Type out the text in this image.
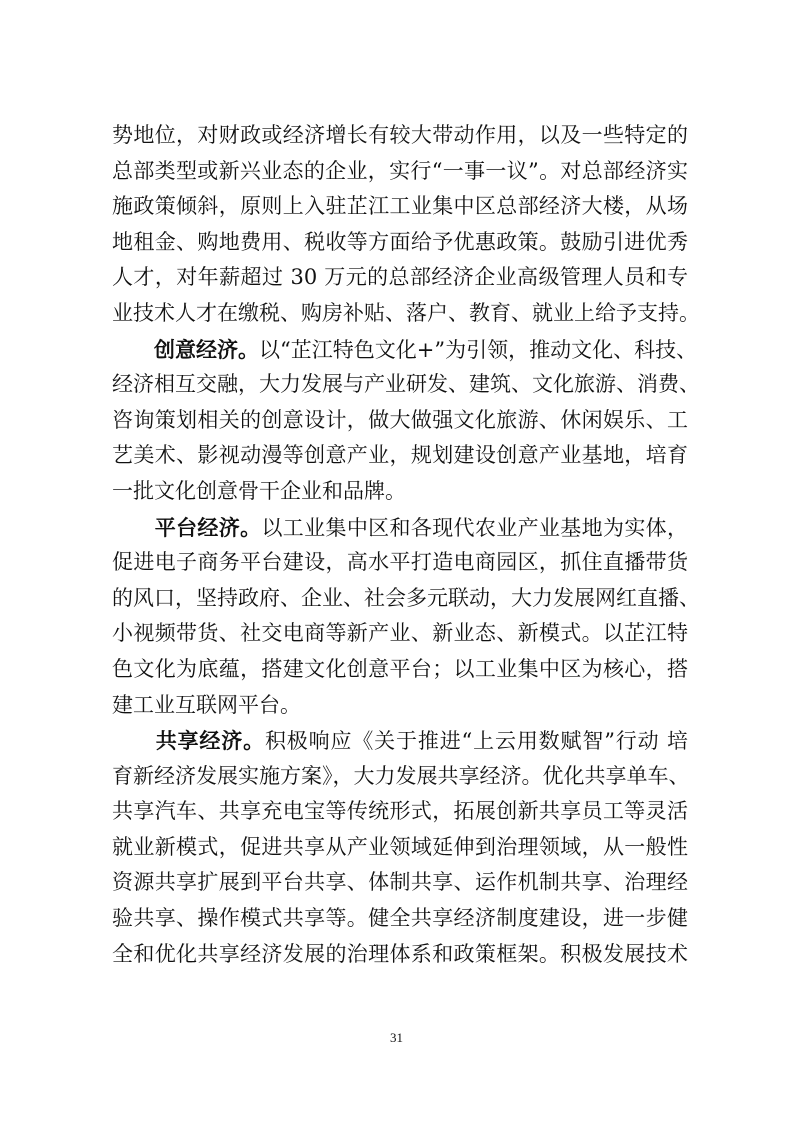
势地位，对财政或经济增长有较大带动作用，以及一些特定的
总部类型或新兴业态的企业，实行“一事一议”。对总部经济实
施政策倾斜，原则上入驻芷江工业集中区总部经济大楼，从场
地租金、购地费用、税收等方面给予优惠政策。鼓励引进优秀
人才，对年薪超过 30 万元的总部经济企业高级管理人员和专
业技术人才在缴税、购房补贴、落户、教育、就业上给予支持。
　　创意经济。以“芷江特色文化+”为引领，推动文化、科技、
经济相互交融，大力发展与产业研发、建筑、文化旅游、消费、
咨询策划相关的创意设计，做大做强文化旅游、休闲娱乐、工
艺美术、影视动漫等创意产业，规划建设创意产业基地，培育
一批文化创意骨干企业和品牌。
　　平台经济。以工业集中区和各现代农业产业基地为实体，
促进电子商务平台建设，高水平打造电商园区，抓住直播带货
的风口，坚持政府、企业、社会多元联动，大力发展网红直播、
小视频带货、社交电商等新产业、新业态、新模式。以芷江特
色文化为底蕴，搭建文化创意平台；以工业集中区为核心，搭
建工业互联网平台。
　　共享经济。积极响应《关于推进“上云用数赋智”行动 培
育新经济发展实施方案》，大力发展共享经济。优化共享单车、
共享汽车、共享充电宝等传统形式，拓展创新共享员工等灵活
就业新模式，促进共享从产业领域延伸到治理领域，从一般性
资源共享扩展到平台共享、体制共享、运作机制共享、治理经
验共享、操作模式共享等。健全共享经济制度建设，进一步健
全和优化共享经济发展的治理体系和政策框架。积极发展技术
31
